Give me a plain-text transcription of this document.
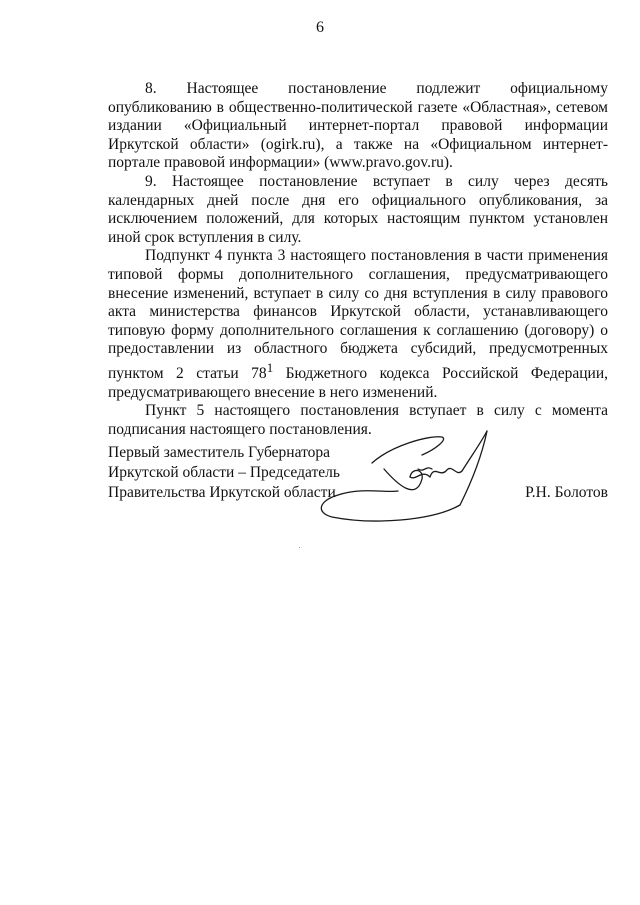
6

8. Настоящее постановление подлежит официальному опубликованию в общественно-политической газете «Областная», сетевом издании «Официальный интернет-портал правовой информации Иркутской области» (ogirk.ru), а также на «Официальном интернет-портале правовой информации» (www.pravo.gov.ru).

9. Настоящее постановление вступает в силу через десять календарных дней после дня его официального опубликования, за исключением положений, для которых настоящим пунктом установлен иной срок вступления в силу.

Подпункт 4 пункта 3 настоящего постановления в части применения типовой формы дополнительного соглашения, предусматривающего внесение изменений, вступает в силу со дня вступления в силу правового акта министерства финансов Иркутской области, устанавливающего типовую форму дополнительного соглашения к соглашению (договору) о предоставлении из областного бюджета субсидий, предусмотренных пунктом 2 статьи $78^1$ Бюджетного кодекса Российской Федерации, предусматривающего внесение в него изменений.

Пункт 5 настоящего постановления вступает в силу с момента подписания настоящего постановления.

Первый заместитель Губернатора
Иркутской области – Председатель
Правительства Иркутской области	Р.Н. Болотов
